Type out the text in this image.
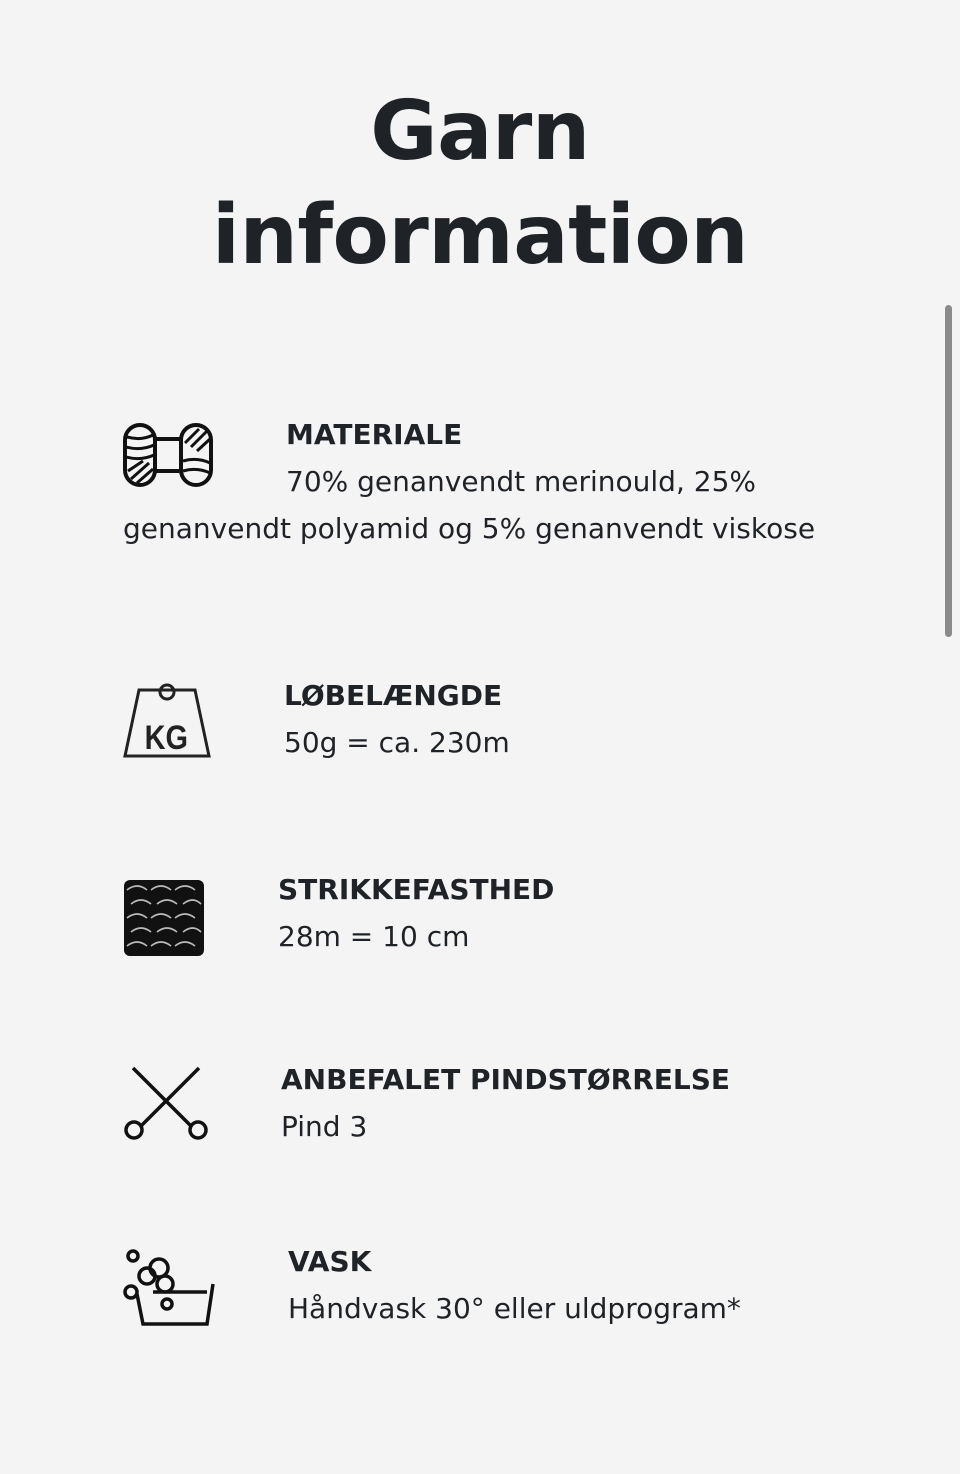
Garn
information
MATERIALE
70% genanvendt merinould, 25% genanvendt polyamid og 5% genanvendt viskose
KG
LØBELÆNGDE
50g = ca. 230m
STRIKKEFASTHED
28m = 10 cm
ANBEFALET PINDSTØRRELSE
Pind 3
VASK
Håndvask 30° eller uldprogram*
